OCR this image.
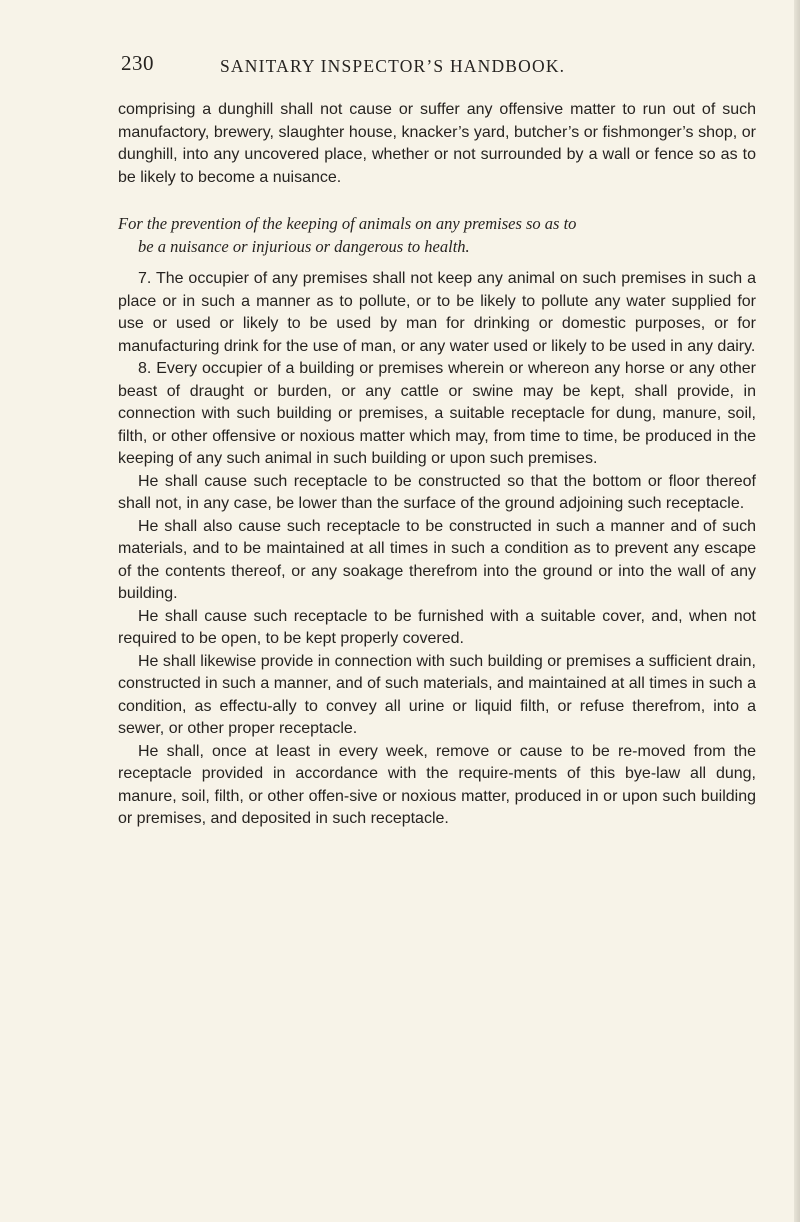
230	SANITARY INSPECTOR’S HANDBOOK.

comprising a dunghill shall not cause or suffer any offensive matter to run out of such manufactory, brewery, slaughter house, knacker’s yard, butcher’s or fishmonger’s shop, or dunghill, into any uncovered place, whether or not surrounded by a wall or fence so as to be likely to become a nuisance.

For the prevention of the keeping of animals on any premises so as to
be a nuisance or injurious or dangerous to health.

7. The occupier of any premises shall not keep any animal on such premises in such a place or in such a manner as to pollute, or to be likely to pollute any water supplied for use or used or likely to be used by man for drinking or domestic purposes, or for manufacturing drink for the use of man, or any water used or likely to be used in any dairy.

8. Every occupier of a building or premises wherein or whereon any horse or any other beast of draught or burden, or any cattle or swine may be kept, shall provide, in connection with such building or premises, a suitable receptacle for dung, manure, soil, filth, or other offensive or noxious matter which may, from time to time, be produced in the keeping of any such animal in such building or upon such premises.

He shall cause such receptacle to be constructed so that the bottom or floor thereof shall not, in any case, be lower than the surface of the ground adjoining such receptacle.

He shall also cause such receptacle to be constructed in such a manner and of such materials, and to be maintained at all times in such a condition as to prevent any escape of the contents thereof, or any soakage therefrom into the ground or into the wall of any building.

He shall cause such receptacle to be furnished with a suitable cover, and, when not required to be open, to be kept properly covered.

He shall likewise provide in connection with such building or premises a sufficient drain, constructed in such a manner, and of such materials, and maintained at all times in such a condition, as effectu-ally to convey all urine or liquid filth, or refuse therefrom, into a sewer, or other proper receptacle.

He shall, once at least in every week, remove or cause to be re-moved from the receptacle provided in accordance with the require-ments of this bye-law all dung, manure, soil, filth, or other offen-sive or noxious matter, produced in or upon such building or premises, and deposited in such receptacle.
